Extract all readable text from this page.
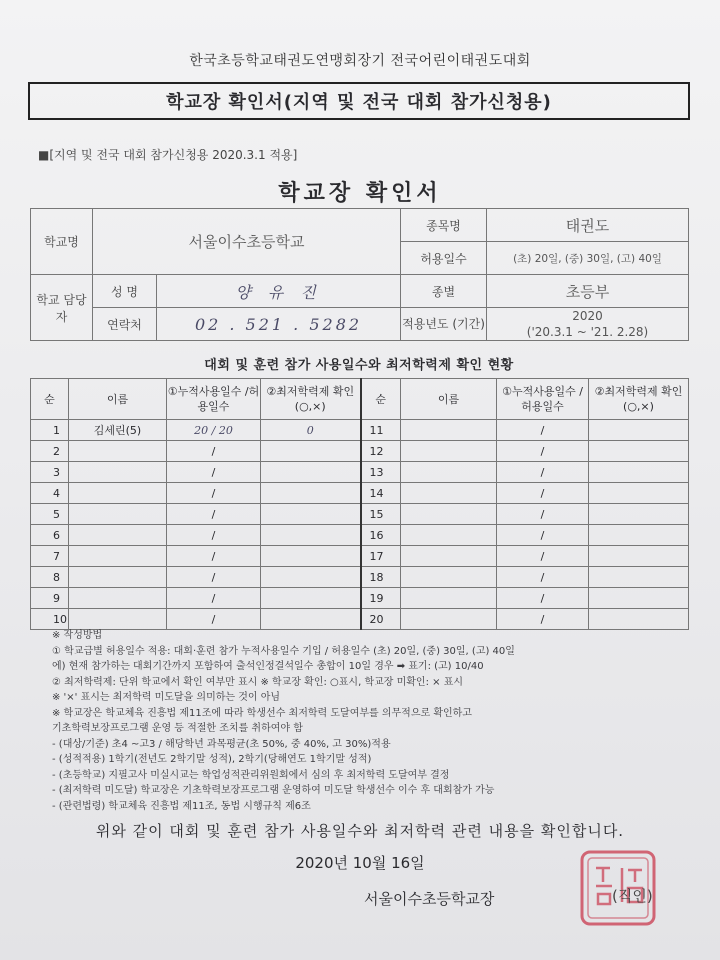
한국초등학교태권도연맹회장기 전국어린이태권도대회
학교장 확인서(지역 및 전국 대회 참가신청용)
■[지역 및 전국 대회 참가신청용 2020.3.1 적용]
학교장 확인서
학교명	서울이수초등학교		종목명	태권도
			허용일수	(초) 20일, (중) 30일, (고) 40일
학교 담당자	성 명	양 유 진	종별	초등부
	연락처	02 . 521 . 5282	적용년도 (기간)	2020
('20.3.1 ~ '21. 2.28)
대회 및 훈련 참가 사용일수와 최저학력제 확인 현황
순	이름	①누적사용일수 /허용일수	②최저학력제 확인(○,×)	순	이름	①누적사용일수 /허용일수	②최저학력제 확인(○,×)
1	김세린(5)	20 / 20	0	11		/	
2		/		12		/	
3		/		13		/	
4		/		14		/	
5		/		15		/	
6		/		16		/	
7		/		17		/	
8		/		18		/	
9		/		19		/	
10		/		20		/	
※ 작성방법
① 학교급별 허용일수 적용: 대회·훈련 참가 누적사용일수 기입 / 허용일수 (초) 20일, (중) 30일, (고) 40일
에) 현재 참가하는 대회기간까지 포함하여 출석인정결석일수 총합이 10일 경우 ➡ 표기: (고) 10/40
② 최저학력제: 단위 학교에서 확인 여부만 표시 ※ 학교장 확인: ○표시, 학교장 미확인: × 표시
※ '×' 표시는 최저학력 미도달을 의미하는 것이 아님
※ 학교장은 학교체육 진흥법 제11조에 따라 학생선수 최저학력 도달여부를 의무적으로 확인하고
기초학력보장프로그램 운영 등 적절한 조치를 취하여야 함
- (대상/기준) 초4 ~고3 / 해당학년 과목평균(초 50%, 중 40%, 고 30%)적용
- (성적적용) 1학기(전년도 2학기말 성적), 2학기(당해연도 1학기말 성적)
- (초등학교) 지필고사 미실시교는 학업성적관리위원회에서 심의 후 최저학력 도달여부 결정
- (최저학력 미도달) 학교장은 기초학력보장프로그램 운영하여 미도달 학생선수 이수 후 대회참가 가능
- (관련법령) 학교체육 진흥법 제11조, 동법 시행규칙 제6조
위와 같이 대회 및 훈련 참가 사용일수와 최저학력 관련 내용을 확인합니다.
2020년 10월 16일
서울이수초등학교장	(직인)
